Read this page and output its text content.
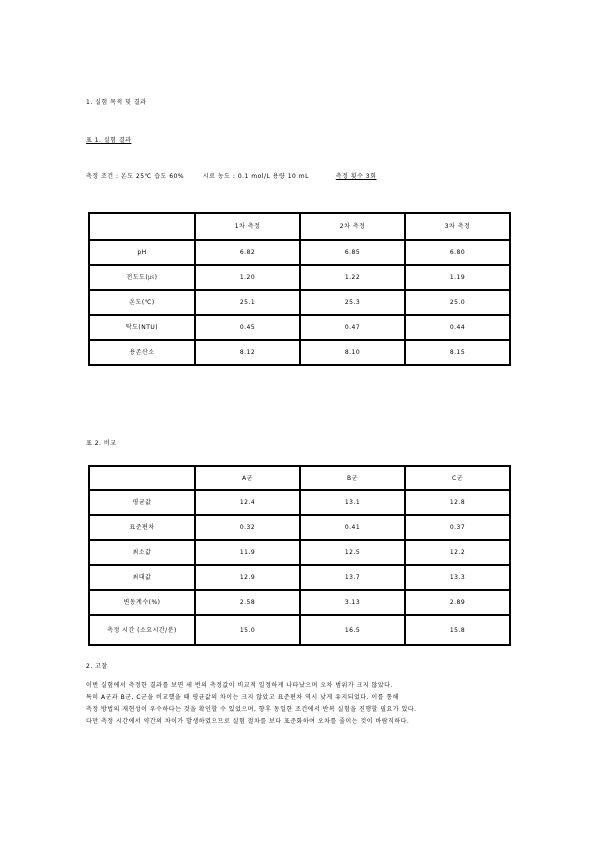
1. 실험 목적 및 결과
표 1. 실험 결과
측정 조건 : 온도 25℃ 습도 60%	시료 농도 : 0.1 mol/L 용량 10 mL	측정 횟수 3회
	1차 측정	2차 측정	3차 측정
pH	6.82	6.85	6.80
전도도(㎲)	1.20	1.22	1.19
온도(℃)	25.1	25.3	25.0
탁도(NTU)	0.45	0.47	0.44
용존산소	8.12	8.10	8.15
표 2. 비교
	A군	B군	C군
평균값	12.4	13.1	12.8
표준편차	0.32	0.41	0.37
최소값	11.9	12.5	12.2
최대값	12.9	13.7	13.3
변동계수(%)	2.58	3.13	2.89
측정 시간 (소요시간/분)	15.0	16.5	15.8
2. 고찰
이번 실험에서 측정한 결과를 보면 세 번의 측정값이 비교적 일정하게 나타났으며 오차 범위가 크지 않았다.
특히 A군과 B군, C군을 비교했을 때 평균값의 차이는 크지 않았고 표준편차 역시 낮게 유지되었다. 이를 통해
측정 방법의 재현성이 우수하다는 것을 확인할 수 있었으며, 향후 동일한 조건에서 반복 실험을 진행할 필요가 있다.
다만 측정 시간에서 약간의 차이가 발생하였으므로 실험 절차를 보다 표준화하여 오차를 줄이는 것이 바람직하다.
